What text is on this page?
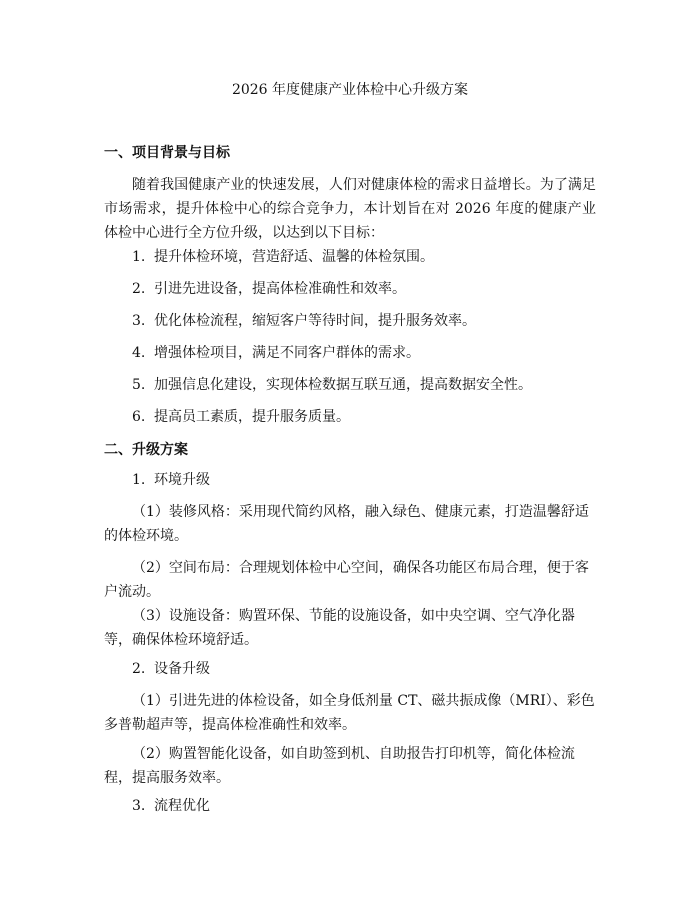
2026 年度健康产业体检中心升级方案
一、项目背景与目标
随着我国健康产业的快速发展，人们对健康体检的需求日益增长。为了满足市场需求，提升体检中心的综合竞争力，本计划旨在对 2026 年度的健康产业体检中心进行全方位升级，以达到以下目标：
1. 提升体检环境，营造舒适、温馨的体检氛围。
2. 引进先进设备，提高体检准确性和效率。
3. 优化体检流程，缩短客户等待时间，提升服务效率。
4. 增强体检项目，满足不同客户群体的需求。
5. 加强信息化建设，实现体检数据互联互通，提高数据安全性。
6. 提高员工素质，提升服务质量。
二、升级方案
1. 环境升级
（1）装修风格：采用现代简约风格，融入绿色、健康元素，打造温馨舒适的体检环境。
（2）空间布局：合理规划体检中心空间，确保各功能区布局合理，便于客户流动。
（3）设施设备：购置环保、节能的设施设备，如中央空调、空气净化器等，确保体检环境舒适。
2. 设备升级
（1）引进先进的体检设备，如全身低剂量 CT、磁共振成像（MRI）、彩色多普勒超声等，提高体检准确性和效率。
（2）购置智能化设备，如自助签到机、自助报告打印机等，简化体检流程，提高服务效率。
3. 流程优化
